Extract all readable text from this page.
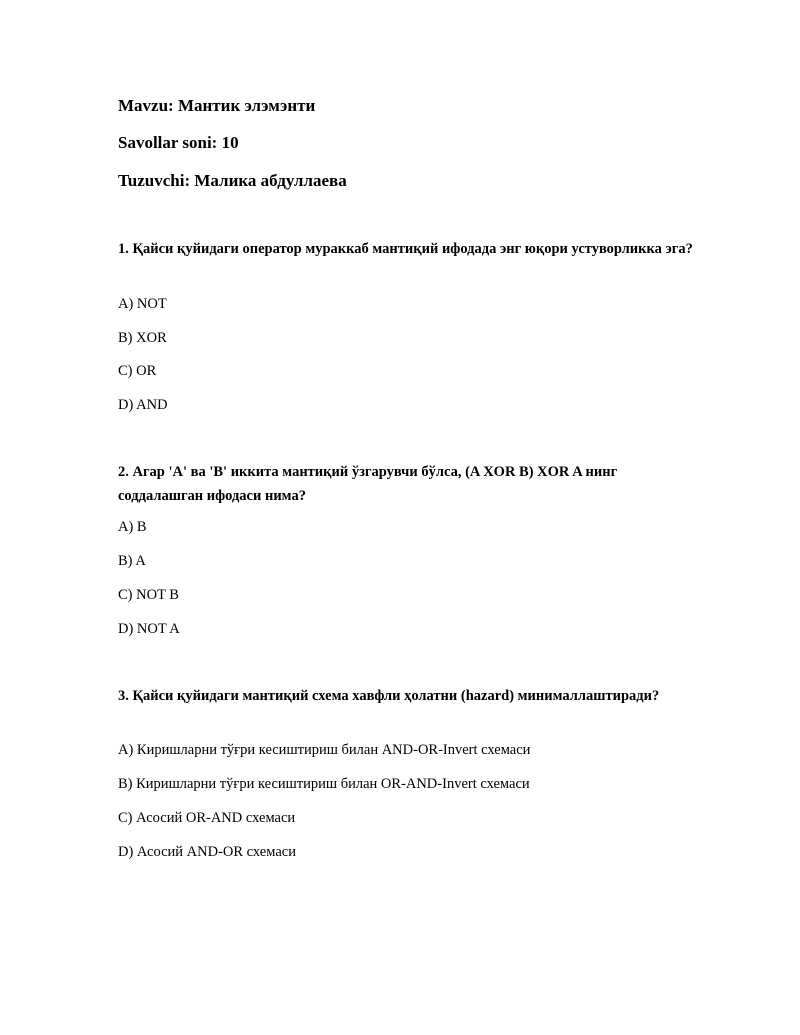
Mavzu: Мантик элэмэнти
Savollar soni: 10
Tuzuvchi: Малика абдуллаева

1. Қайси қуйидаги оператор мураккаб мантиқий ифодада энг юқори устуворликка эга?

A) NOT
B) XOR
C) OR
D) AND

2. Агар 'A' ва 'B' иккита мантиқий ўзгарувчи бўлса, (A XOR B) XOR A нинг соддалашган ифодаси нима?

A) B
B) A
C) NOT B
D) NOT A

3. Қайси қуйидаги мантиқий схема хавфли ҳолатни (hazard) минималлаштиради?

A) Киришларни тўғри кесиштириш билан AND-OR-Invert схемаси
B) Киришларни тўғри кесиштириш билан OR-AND-Invert схемаси
C) Асосий OR-AND схемаси
D) Асосий AND-OR схемаси
